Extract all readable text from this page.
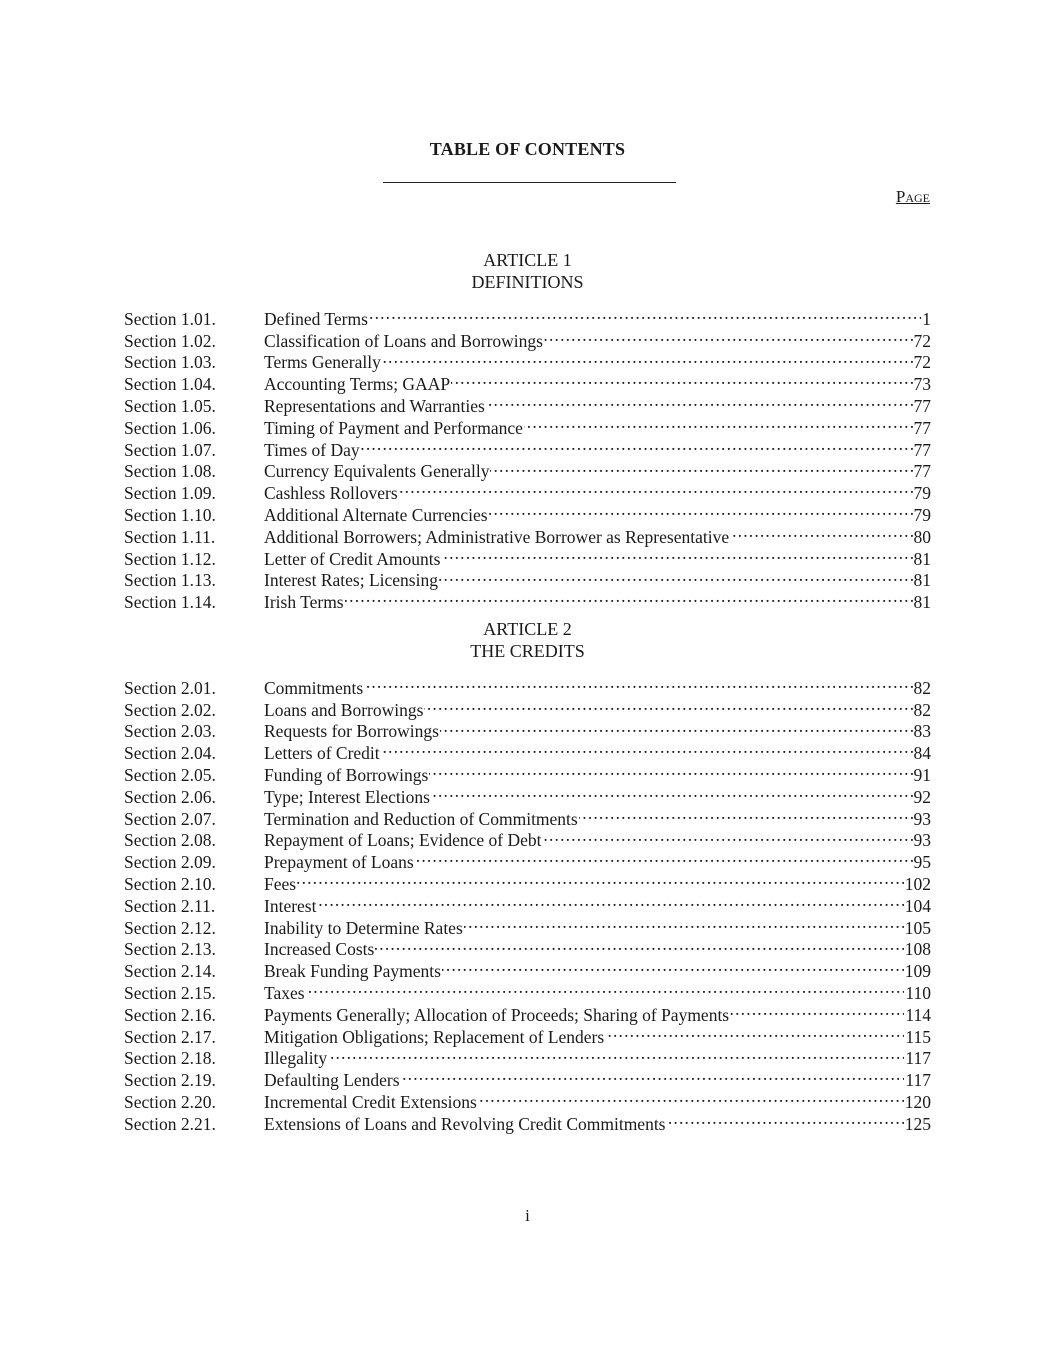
TABLE OF CONTENTS
Page
ARTICLE 1
DEFINITIONS
Section 1.01.	Defined Terms . . .	1
Section 1.02.	Classification of Loans and Borrowings . . .	72
Section 1.03.	Terms Generally . . .	72
Section 1.04.	Accounting Terms; GAAP . . .	73
Section 1.05.	Representations and Warranties . . .	77
Section 1.06.	Timing of Payment and Performance . . .	77
Section 1.07.	Times of Day . . .	77
Section 1.08.	Currency Equivalents Generally . . .	77
Section 1.09.	Cashless Rollovers . . .	79
Section 1.10.	Additional Alternate Currencies . . .	79
Section 1.11.	Additional Borrowers; Administrative Borrower as Representative . . .	80
Section 1.12.	Letter of Credit Amounts . . .	81
Section 1.13.	Interest Rates; Licensing . . .	81
Section 1.14.	Irish Terms . . .	81
ARTICLE 2
THE CREDITS
Section 2.01.	Commitments . . .	82
Section 2.02.	Loans and Borrowings . . .	82
Section 2.03.	Requests for Borrowings . . .	83
Section 2.04.	Letters of Credit . . .	84
Section 2.05.	Funding of Borrowings . . .	91
Section 2.06.	Type; Interest Elections . . .	92
Section 2.07.	Termination and Reduction of Commitments . . .	93
Section 2.08.	Repayment of Loans; Evidence of Debt . . .	93
Section 2.09.	Prepayment of Loans . . .	95
Section 2.10.	Fees . . .	102
Section 2.11.	Interest . . .	104
Section 2.12.	Inability to Determine Rates . . .	105
Section 2.13.	Increased Costs . . .	108
Section 2.14.	Break Funding Payments . . .	109
Section 2.15.	Taxes . . .	110
Section 2.16.	Payments Generally; Allocation of Proceeds; Sharing of Payments . . .	114
Section 2.17.	Mitigation Obligations; Replacement of Lenders . . .	115
Section 2.18.	Illegality . . .	117
Section 2.19.	Defaulting Lenders . . .	117
Section 2.20.	Incremental Credit Extensions . . .	120
Section 2.21.	Extensions of Loans and Revolving Credit Commitments . . .	125
i
